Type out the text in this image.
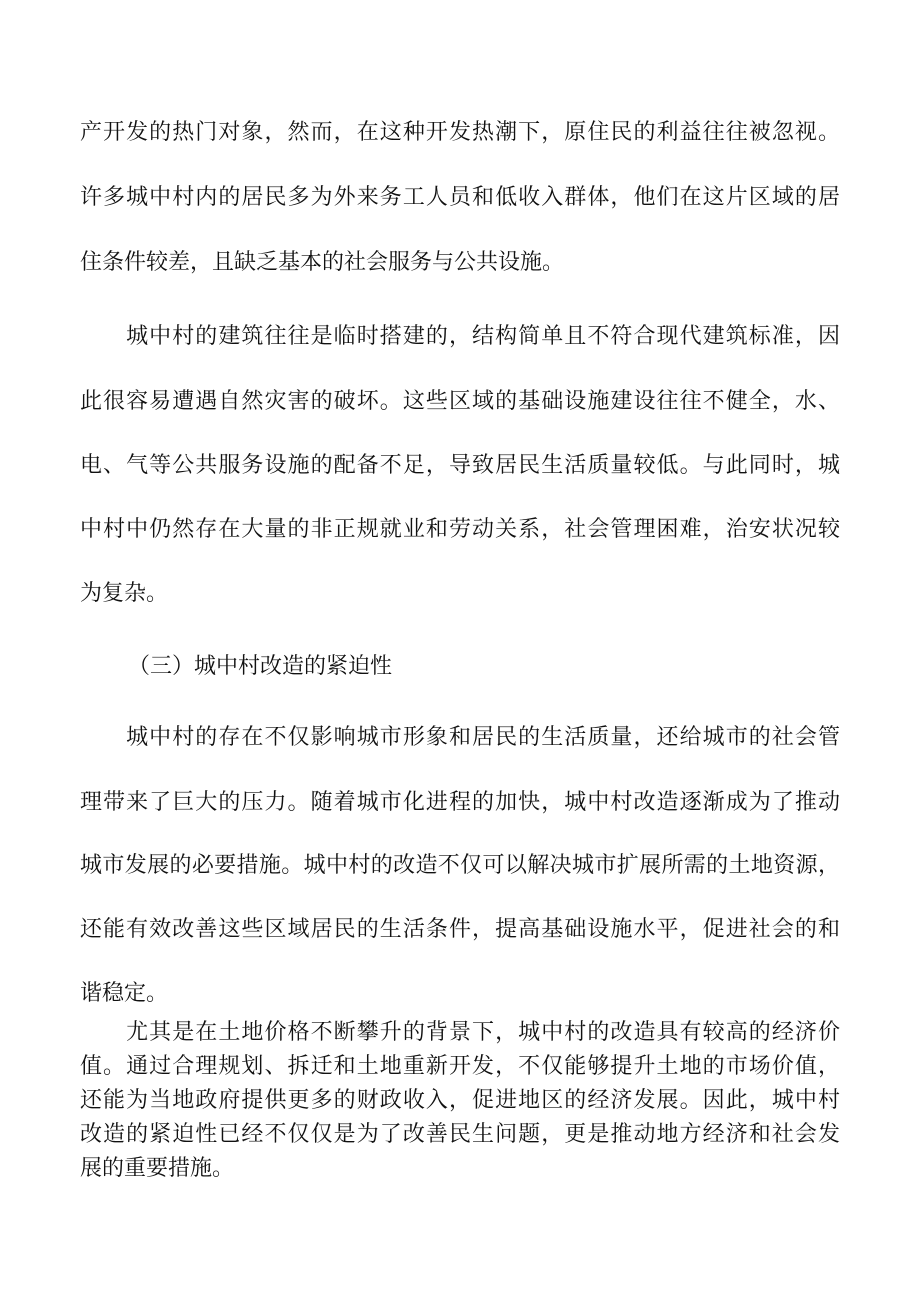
产开发的热门对象，然而，在这种开发热潮下，原住民的利益往往被忽视。

许多城中村内的居民多为外来务工人员和低收入群体，他们在这片区域的居

住条件较差，且缺乏基本的社会服务与公共设施。

　　城中村的建筑往往是临时搭建的，结构简单且不符合现代建筑标准，因

此很容易遭遇自然灾害的破坏。这些区域的基础设施建设往往不健全，水、

电、气等公共服务设施的配备不足，导致居民生活质量较低。与此同时，城

中村中仍然存在大量的非正规就业和劳动关系，社会管理困难，治安状况较

为复杂。

（三）城中村改造的紧迫性

　　城中村的存在不仅影响城市形象和居民的生活质量，还给城市的社会管

理带来了巨大的压力。随着城市化进程的加快，城中村改造逐渐成为了推动

城市发展的必要措施。城中村的改造不仅可以解决城市扩展所需的土地资源，

还能有效改善这些区域居民的生活条件，提高基础设施水平，促进社会的和

谐稳定。

　　尤其是在土地价格不断攀升的背景下，城中村的改造具有较高的经济价

值。通过合理规划、拆迁和土地重新开发，不仅能够提升土地的市场价值，

还能为当地政府提供更多的财政收入，促进地区的经济发展。因此，城中村

改造的紧迫性已经不仅仅是为了改善民生问题，更是推动地方经济和社会发

展的重要措施。
